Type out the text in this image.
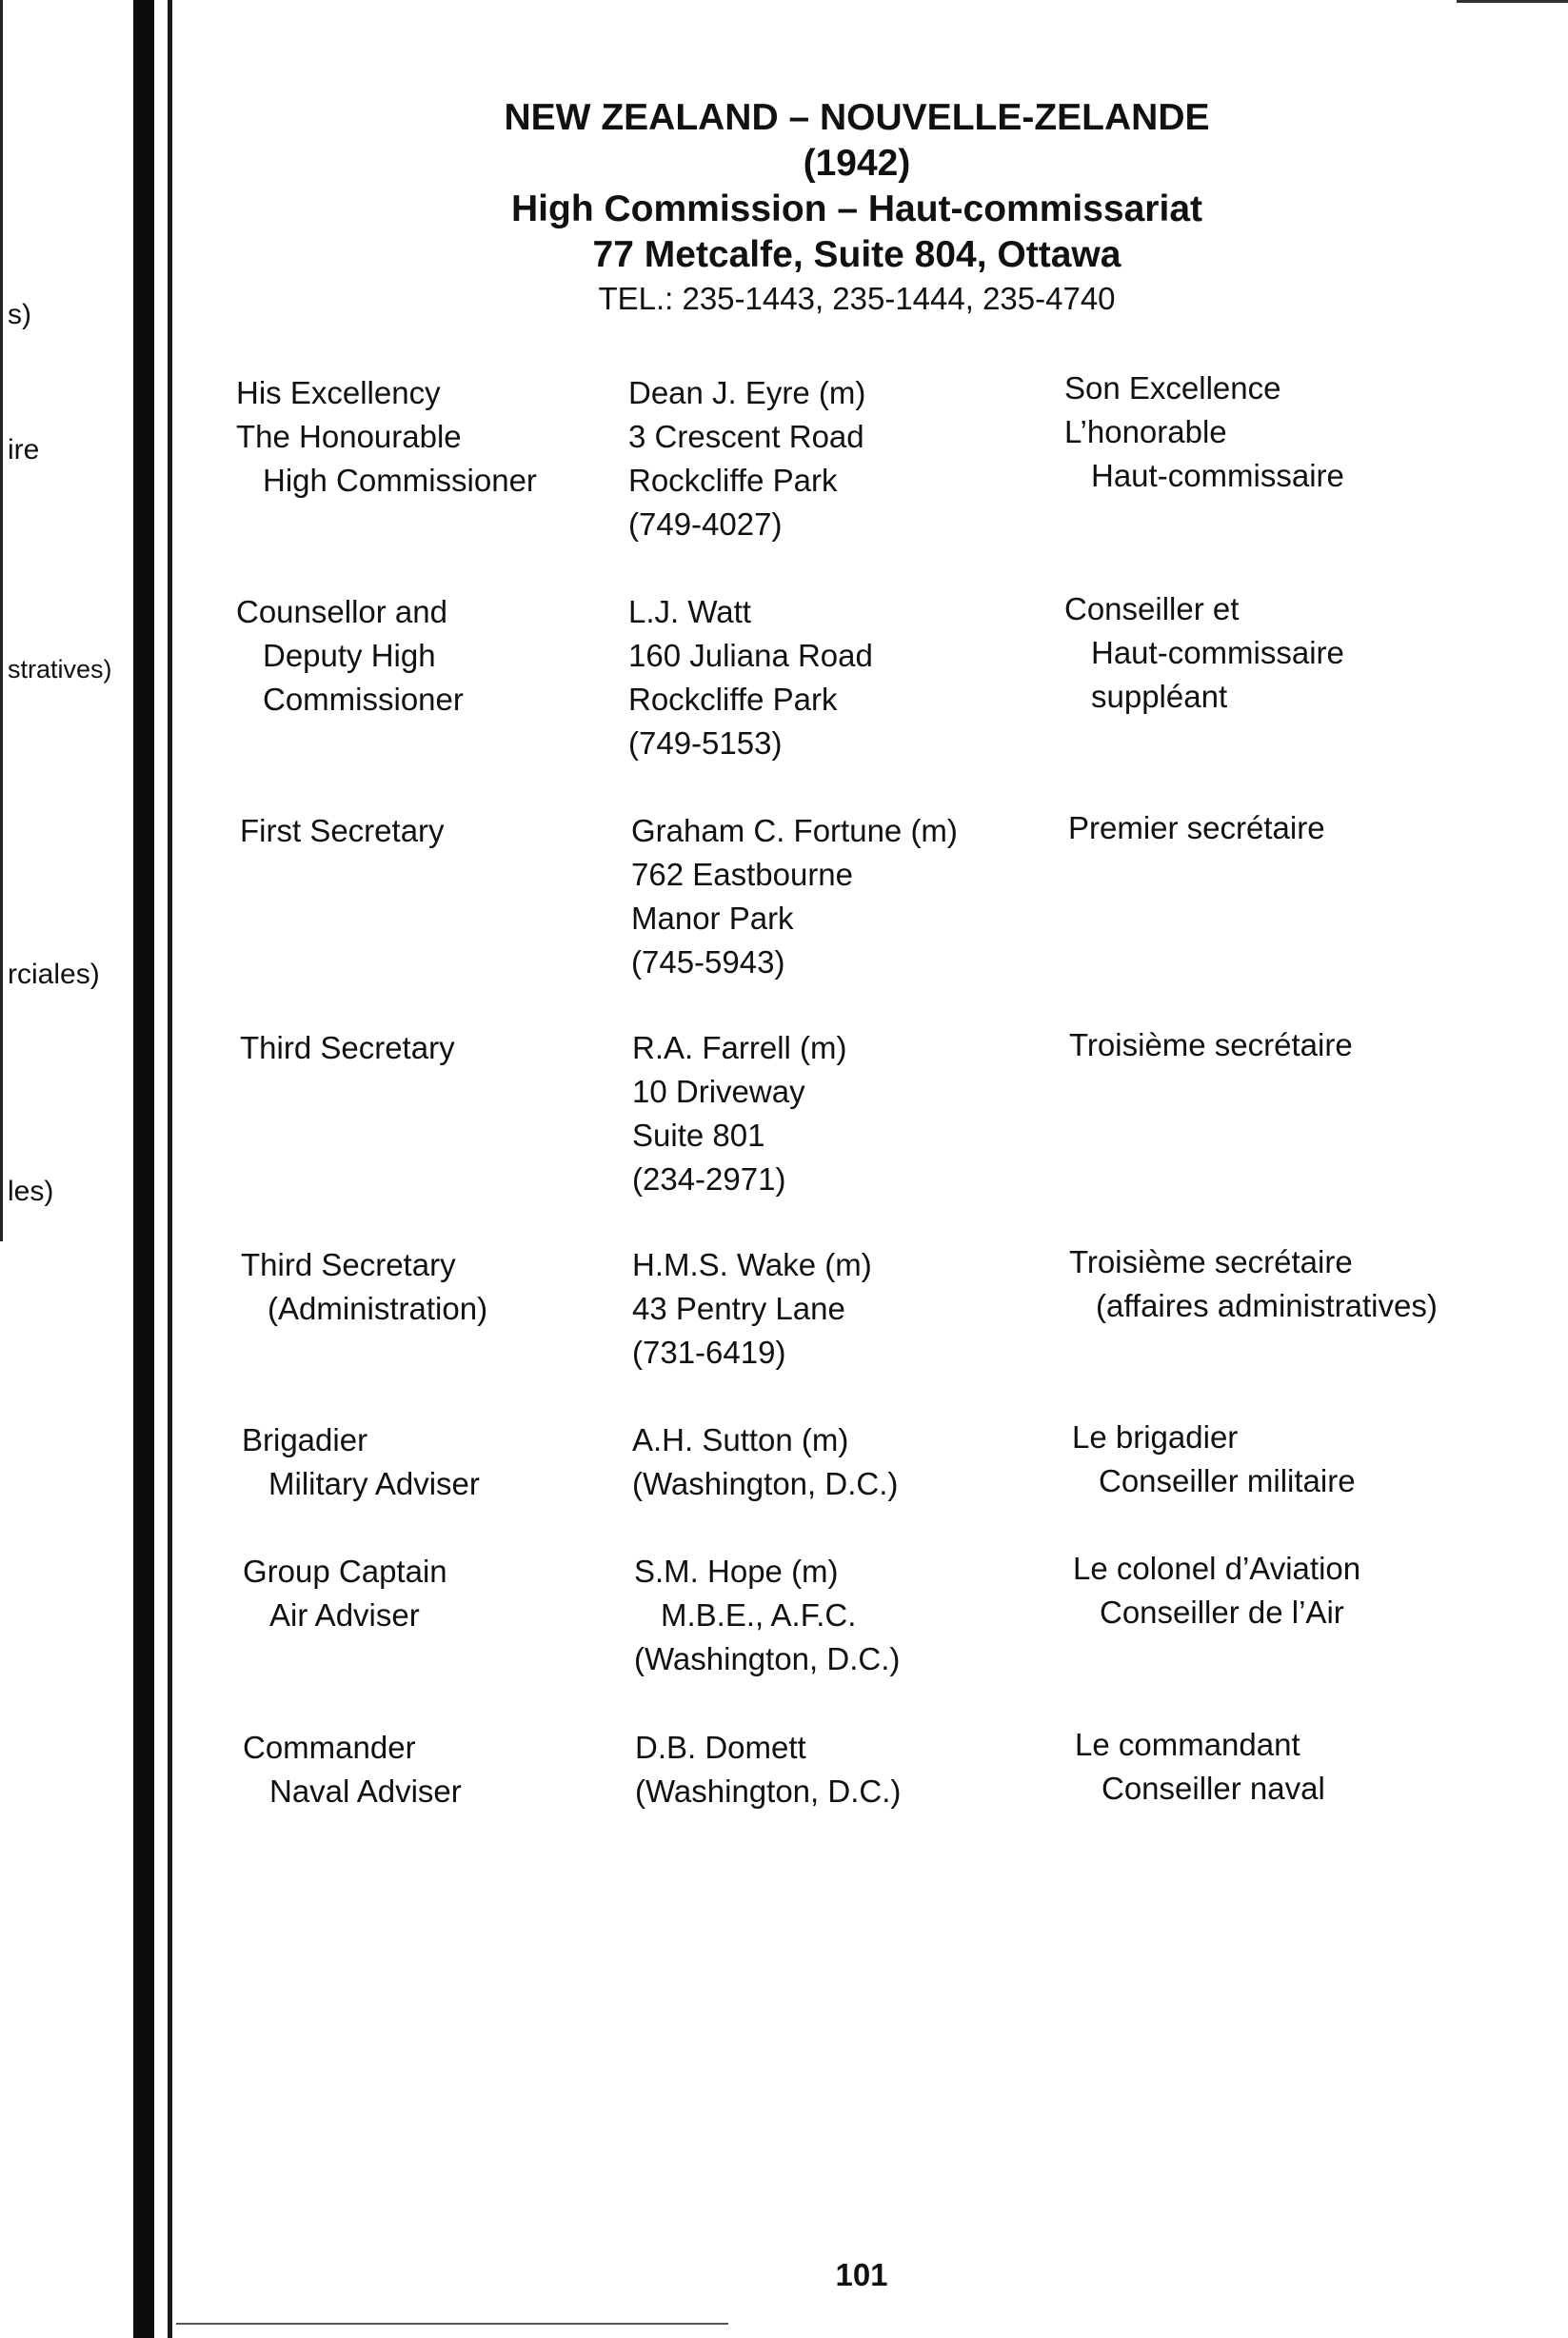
s)
ire
stratives)
rciales)
les)
NEW ZEALAND – NOUVELLE-ZELANDE
(1942)
High Commission – Haut-commissariat
77 Metcalfe, Suite 804, Ottawa
TEL.: 235-1443, 235-1444, 235-4740
His Excellency
The Honourable
High Commissioner
Dean J. Eyre (m)
3 Crescent Road
Rockcliffe Park
(749-4027)
Son Excellence
L’honorable
Haut-commissaire
Counsellor and
Deputy High
Commissioner
L.J. Watt
160 Juliana Road
Rockcliffe Park
(749-5153)
Conseiller et
Haut-commissaire
suppléant
First Secretary	Graham C. Fortune (m)
762 Eastbourne
Manor Park
(745-5943)
Premier secrétaire
Third Secretary	R.A. Farrell (m)
10 Driveway
Suite 801
(234-2971)
Troisième secrétaire
Third Secretary
(Administration)
H.M.S. Wake (m)
43 Pentry Lane
(731-6419)
Troisième secrétaire
(affaires administratives)
Brigadier
Military Adviser
A.H. Sutton (m)
(Washington, D.C.)
Le brigadier
Conseiller militaire
Group Captain
Air Adviser
S.M. Hope (m)
M.B.E., A.F.C.
(Washington, D.C.)
Le colonel d’Aviation
Conseiller de l’Air
Commander
Naval Adviser
D.B. Domett
(Washington, D.C.)
Le commandant
Conseiller naval
101
